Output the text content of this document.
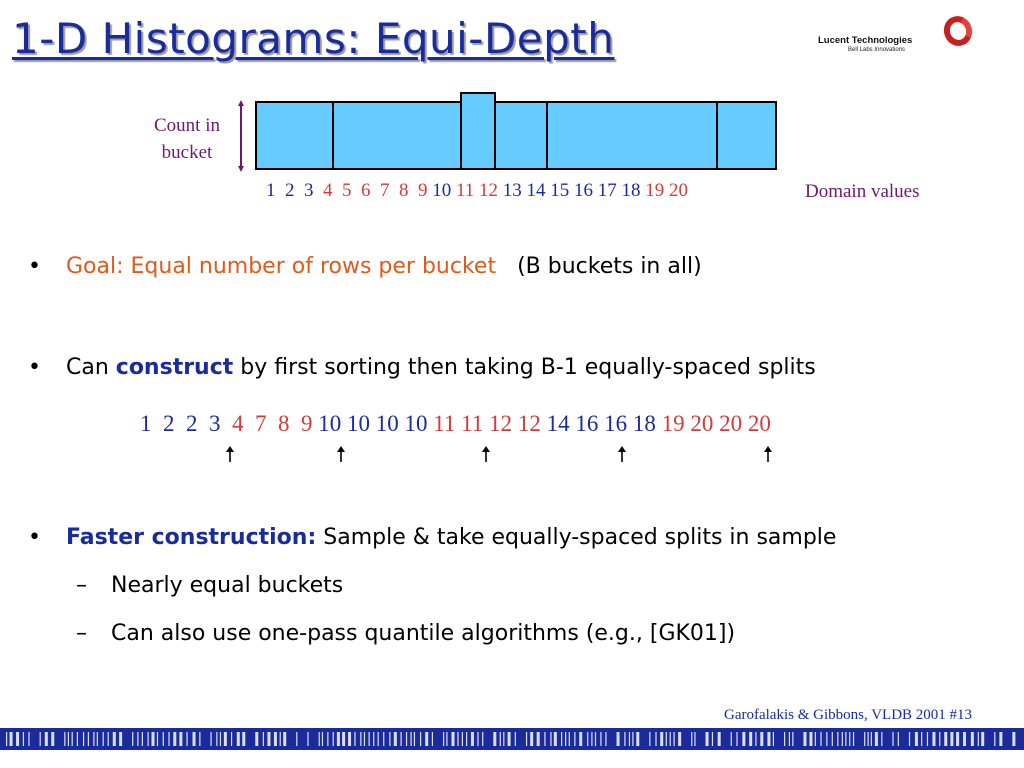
1-D Histograms: Equi-Depth	Lucent Technologies
Bell Labs Innovations
Count in
bucket
1 2 3 4 5 6 7 8 9 10 11 12 13 14 15 16 17 18 19 20	Domain values
• Goal: Equal number of rows per bucket (B buckets in all)
• Can construct by first sorting then taking B-1 equally-spaced splits
1 2 2 3 4 7 8 9 10 10 10 10 11 11 12 12 14 16 16 18 19 20 20 20
• Faster construction: Sample & take equally-spaced splits in sample
– Nearly equal buckets
– Can also use one-pass quantile algorithms (e.g., [GK01])
Garofalakis & Gibbons, VLDB 2001 #13
